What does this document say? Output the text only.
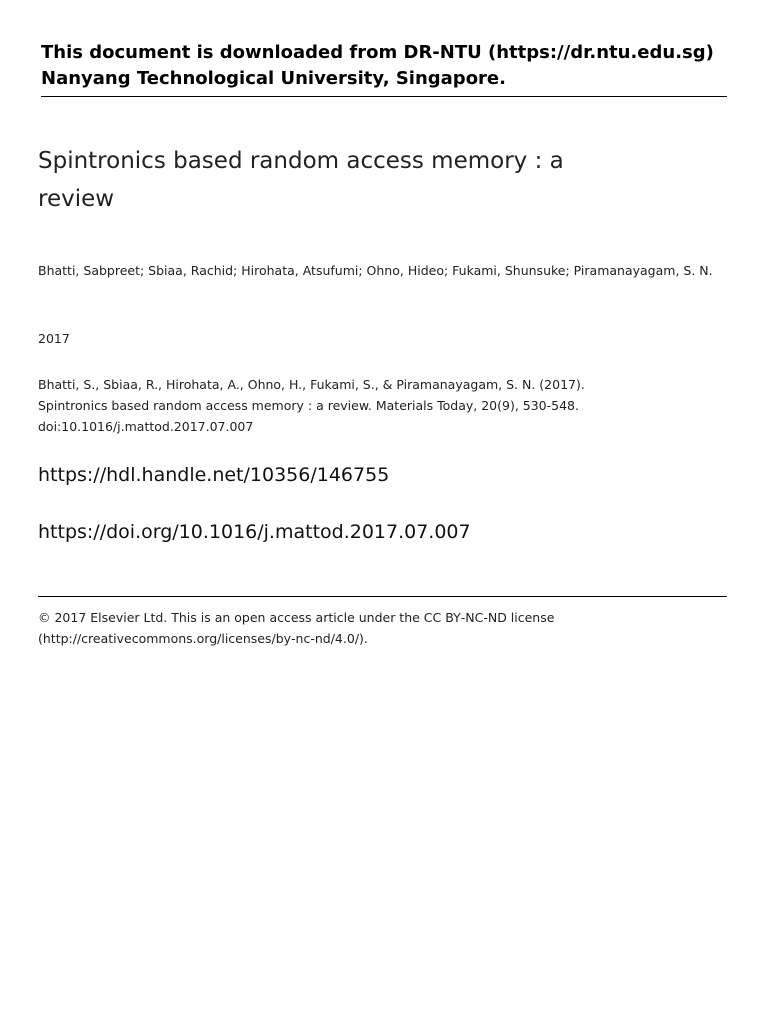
This document is downloaded from DR‑NTU (https://dr.ntu.edu.sg)
Nanyang Technological University, Singapore.
Spintronics based random access memory : a review
Bhatti, Sabpreet; Sbiaa, Rachid; Hirohata, Atsufumi; Ohno, Hideo; Fukami, Shunsuke; Piramanayagam, S. N.
2017
Bhatti, S., Sbiaa, R., Hirohata, A., Ohno, H., Fukami, S., & Piramanayagam, S. N. (2017).
Spintronics based random access memory : a review. Materials Today, 20(9), 530‑548.
doi:10.1016/j.mattod.2017.07.007
https://hdl.handle.net/10356/146755
https://doi.org/10.1016/j.mattod.2017.07.007
© 2017 Elsevier Ltd. This is an open access article under the CC BY‑NC‑ND license
(http://creativecommons.org/licenses/by‑nc‑nd/4.0/).
